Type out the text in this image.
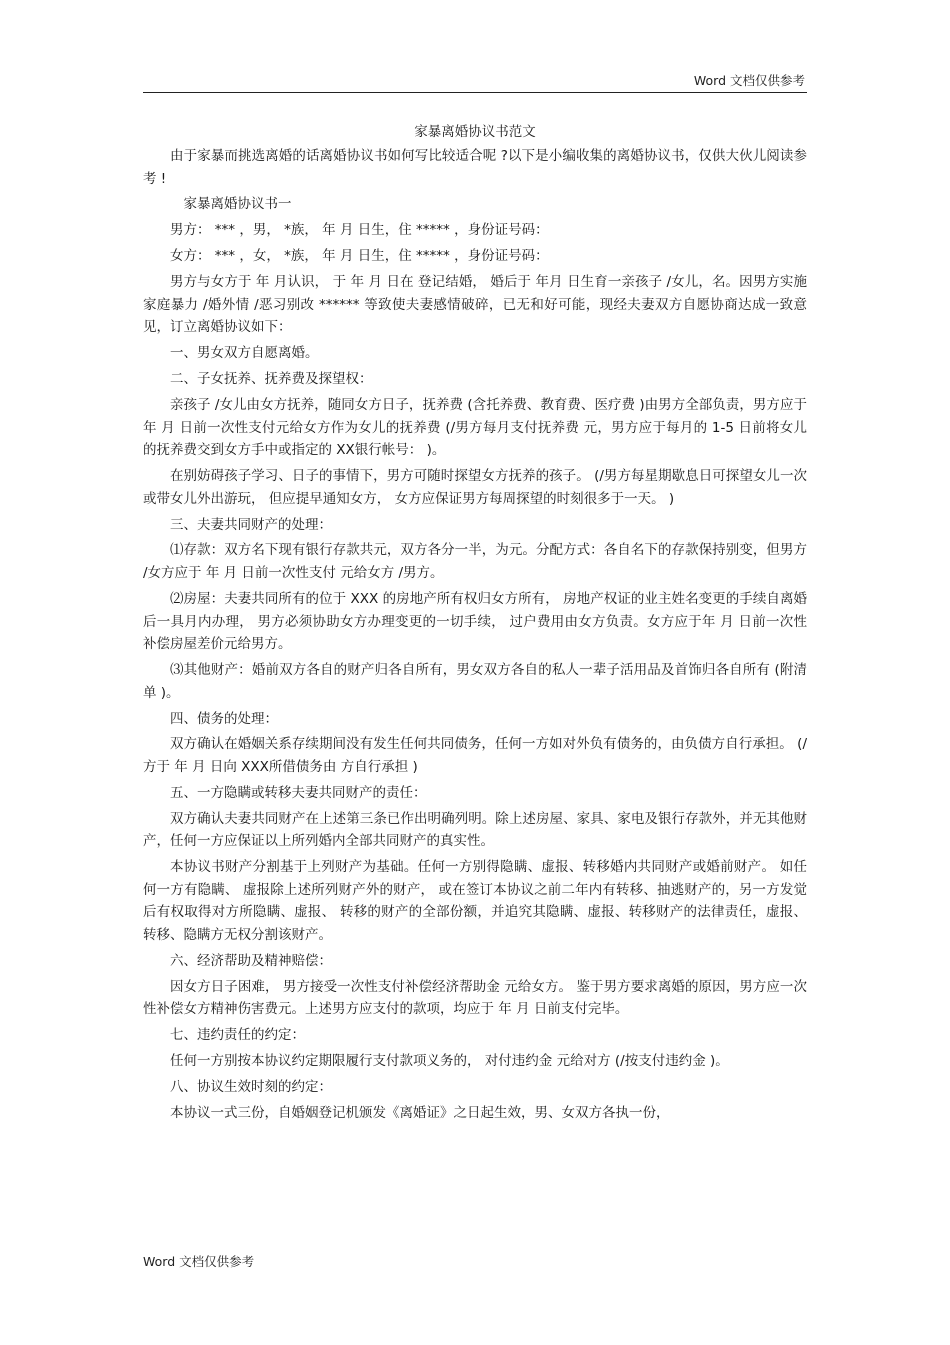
Word 文档仅供参考
家暴离婚协议书范文

由于家暴而挑选离婚的话离婚协议书如何写比较适合呢 ?以下是小编收集的离婚协议书，仅供大伙儿阅读参考 !

家暴离婚协议书一

男方： *** ，男， *族， 年 月 日生，住 ***** ，身份证号码：

女方： *** ，女， *族， 年 月 日生，住 ***** ，身份证号码：

男方与女方于 年 月认识， 于 年 月 日在 登记结婚， 婚后于 年月 日生育一亲孩子 /女儿，名。因男方实施家庭暴力 /婚外情 /恶习别改 ****** 等致使夫妻感情破碎，已无和好可能，现经夫妻双方自愿协商达成一致意见，订立离婚协议如下：

一、男女双方自愿离婚。

二、子女抚养、抚养费及探望权：

亲孩子 /女儿由女方抚养，随同女方日子，抚养费 (含托养费、教育费、医疗费 )由男方全部负责，男方应于 年 月 日前一次性支付元给女方作为女儿的抚养费 (/男方每月支付抚养费 元，男方应于每月的 1-5 日前将女儿的抚养费交到女方手中或指定的 XX银行帐号： )。

在别妨碍孩子学习、日子的事情下，男方可随时探望女方抚养的孩子。 (/男方每星期歇息日可探望女儿一次或带女儿外出游玩， 但应提早通知女方， 女方应保证男方每周探望的时刻很多于一天。 )

三、夫妻共同财产的处理：

⑴存款：双方名下现有银行存款共元，双方各分一半，为元。分配方式：各自名下的存款保持别变，但男方 /女方应于 年 月 日前一次性支付 元给女方 /男方。

⑵房屋：夫妻共同所有的位于 XXX 的房地产所有权归女方所有， 房地产权证的业主姓名变更的手续自离婚后一具月内办理， 男方必须协助女方办理变更的一切手续， 过户费用由女方负责。女方应于年 月 日前一次性补偿房屋差价元给男方。

⑶其他财产：婚前双方各自的财产归各自所有，男女双方各自的私人一辈子活用品及首饰归各自所有 (附清单 )。

四、债务的处理：

双方确认在婚姻关系存续期间没有发生任何共同债务，任何一方如对外负有债务的，由负债方自行承担。 (/ 方于 年 月 日向 XXX所借债务由 方自行承担 )

五、一方隐瞒或转移夫妻共同财产的责任：

双方确认夫妻共同财产在上述第三条已作出明确列明。除上述房屋、家具、家电及银行存款外，并无其他财产，任何一方应保证以上所列婚内全部共同财产的真实性。

本协议书财产分割基于上列财产为基础。任何一方别得隐瞒、虚报、转移婚内共同财产或婚前财产。 如任何一方有隐瞒、 虚报除上述所列财产外的财产， 或在签订本协议之前二年内有转移、抽逃财产的，另一方发觉后有权取得对方所隐瞒、虚报、 转移的财产的全部份额，并追究其隐瞒、虚报、转移财产的法律责任，虚报、转移、隐瞒方无权分割该财产。

六、经济帮助及精神赔偿：

因女方日子困难， 男方接受一次性支付补偿经济帮助金 元给女方。 鉴于男方要求离婚的原因，男方应一次性补偿女方精神伤害费元。上述男方应支付的款项，均应于 年 月 日前支付完毕。

七、违约责任的约定：

任何一方别按本协议约定期限履行支付款项义务的， 对付违约金 元给对方 (/按支付违约金 )。

八、协议生效时刻的约定：

本协议一式三份，自婚姻登记机颁发《离婚证》之日起生效，男、女双方各执一份，

Word 文档仅供参考
